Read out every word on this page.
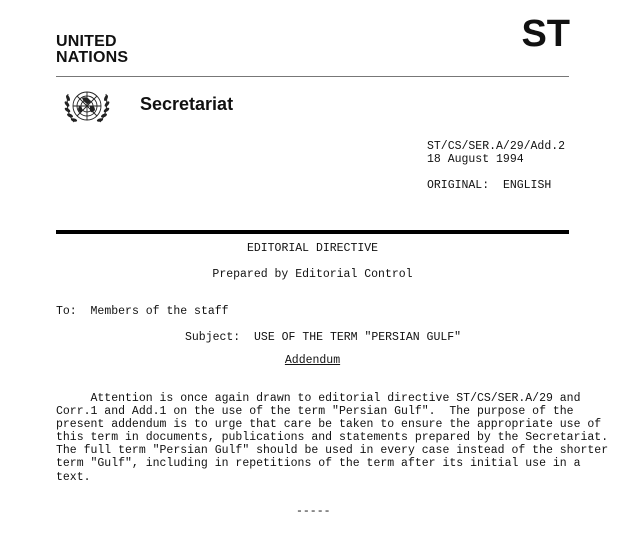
UNITED
NATIONS
ST
Secretariat
ST/CS/SER.A/29/Add.2
18 August 1994
ORIGINAL: ENGLISH
EDITORIAL DIRECTIVE
Prepared by Editorial Control
To: Members of the staff
Subject: USE OF THE TERM "PERSIAN GULF"
Addendum
Attention is once again drawn to editorial directive ST/CS/SER.A/29 and
Corr.1 and Add.1 on the use of the term "Persian Gulf".  The purpose of the
present addendum is to urge that care be taken to ensure the appropriate use of
this term in documents, publications and statements prepared by the Secretariat.
The full term "Persian Gulf" should be used in every case instead of the shorter
term "Gulf", including in repetitions of the term after its initial use in a
text.
-----
